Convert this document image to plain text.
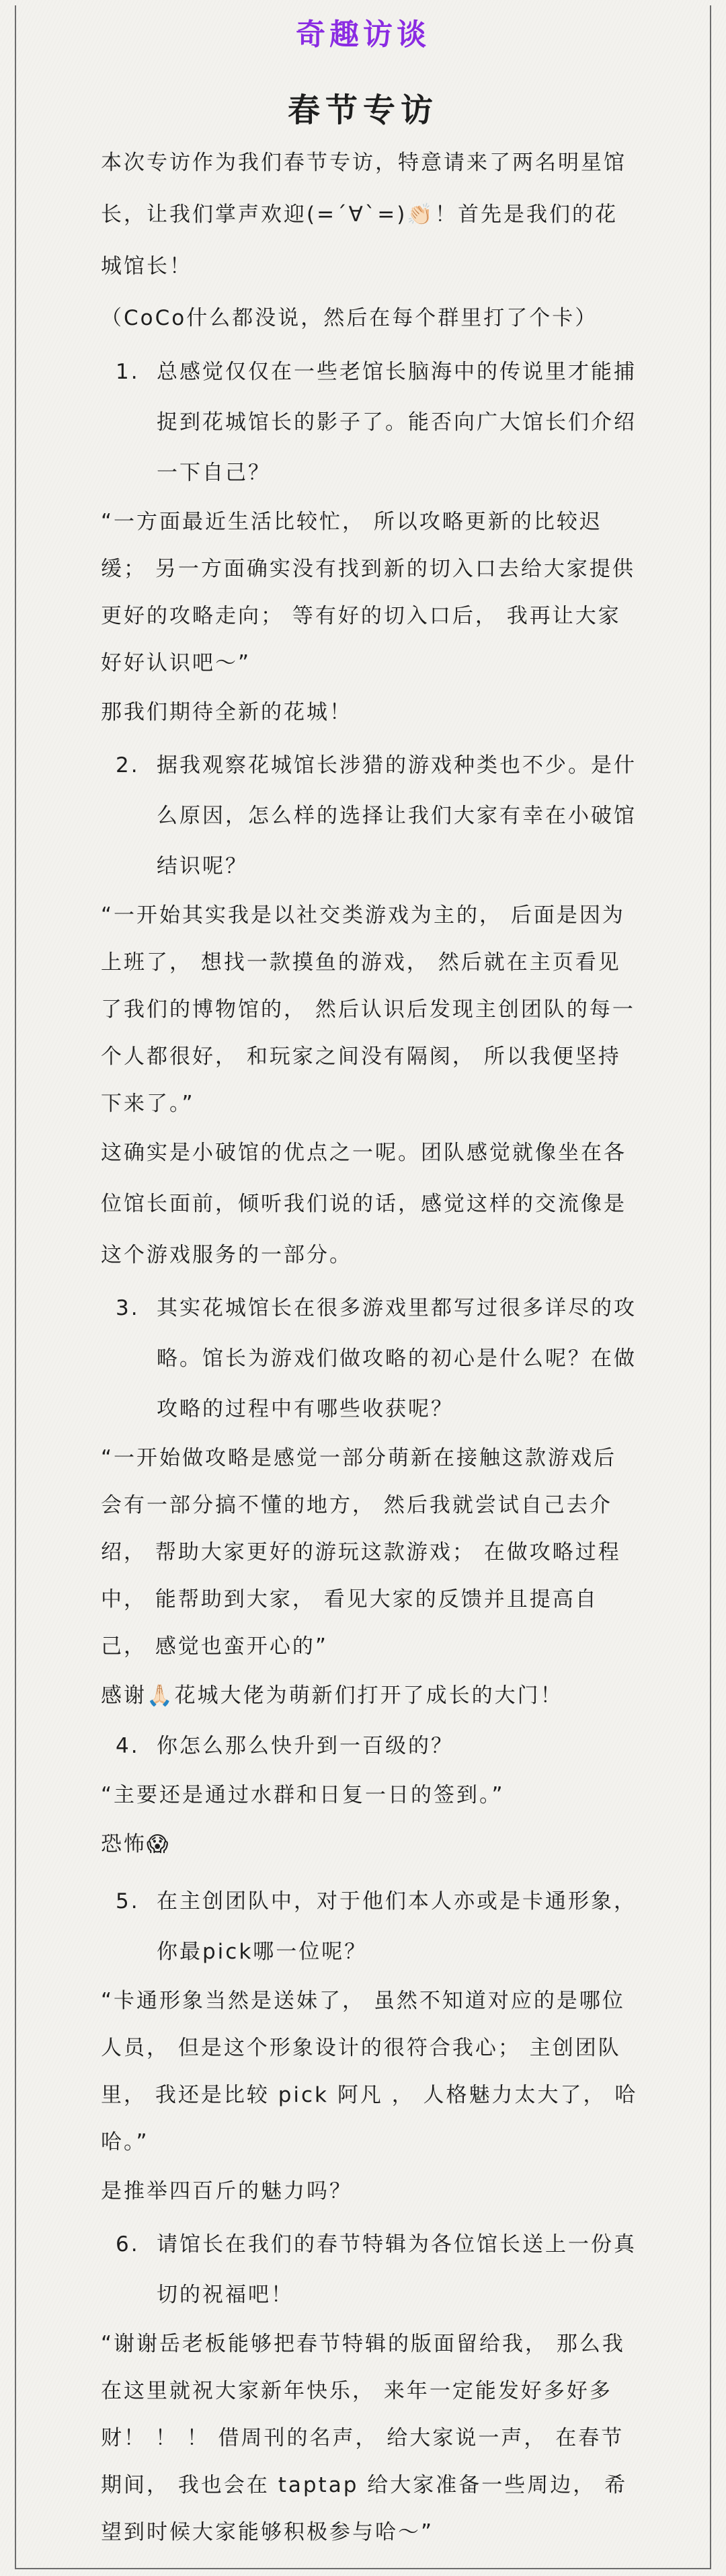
奇趣访谈
春节专访

本次专访作为我们春节专访，特意请来了两名明星馆长，让我们掌声欢迎(=´∀`=)👏🏻！首先是我们的花城馆长！

（CoCo什么都没说，然后在每个群里打了个卡）

1. 总感觉仅仅在一些老馆长脑海中的传说里才能捕捉到花城馆长的影子了。能否向广大馆长们介绍一下自己？

“一方面最近生活比较忙， 所以攻略更新的比较迟缓； 另一方面确实没有找到新的切入口去给大家提供更好的攻略走向； 等有好的切入口后， 我再让大家好好认识吧～”

那我们期待全新的花城！

2. 据我观察花城馆长涉猎的游戏种类也不少。是什么原因，怎么样的选择让我们大家有幸在小破馆结识呢？

“一开始其实我是以社交类游戏为主的， 后面是因为上班了， 想找一款摸鱼的游戏， 然后就在主页看见了我们的博物馆的， 然后认识后发现主创团队的每一个人都很好， 和玩家之间没有隔阂， 所以我便坚持下来了。”

这确实是小破馆的优点之一呢。团队感觉就像坐在各位馆长面前，倾听我们说的话，感觉这样的交流像是这个游戏服务的一部分。

3. 其实花城馆长在很多游戏里都写过很多详尽的攻略。馆长为游戏们做攻略的初心是什么呢？在做攻略的过程中有哪些收获呢？

“一开始做攻略是感觉一部分萌新在接触这款游戏后会有一部分搞不懂的地方， 然后我就尝试自己去介绍， 帮助大家更好的游玩这款游戏； 在做攻略过程中， 能帮助到大家， 看见大家的反馈并且提高自己， 感觉也蛮开心的”

感谢🙏🏻花城大佬为萌新们打开了成长的大门！

4. 你怎么那么快升到一百级的？

“主要还是通过水群和日复一日的签到。”

恐怖😱

5. 在主创团队中，对于他们本人亦或是卡通形象，你最pick哪一位呢？

“卡通形象当然是送妹了， 虽然不知道对应的是哪位人员， 但是这个形象设计的很符合我心； 主创团队里， 我还是比较 pick 阿凡 ， 人格魅力太大了， 哈哈。”

是推举四百斤的魅力吗？

6. 请馆长在我们的春节特辑为各位馆长送上一份真切的祝福吧！

“谢谢岳老板能够把春节特辑的版面留给我， 那么我在这里就祝大家新年快乐， 来年一定能发好多好多财！ ！ ！ 借周刊的名声， 给大家说一声， 在春节期间， 我也会在 taptap 给大家准备一些周边， 希望到时候大家能够积极参与哈～”
